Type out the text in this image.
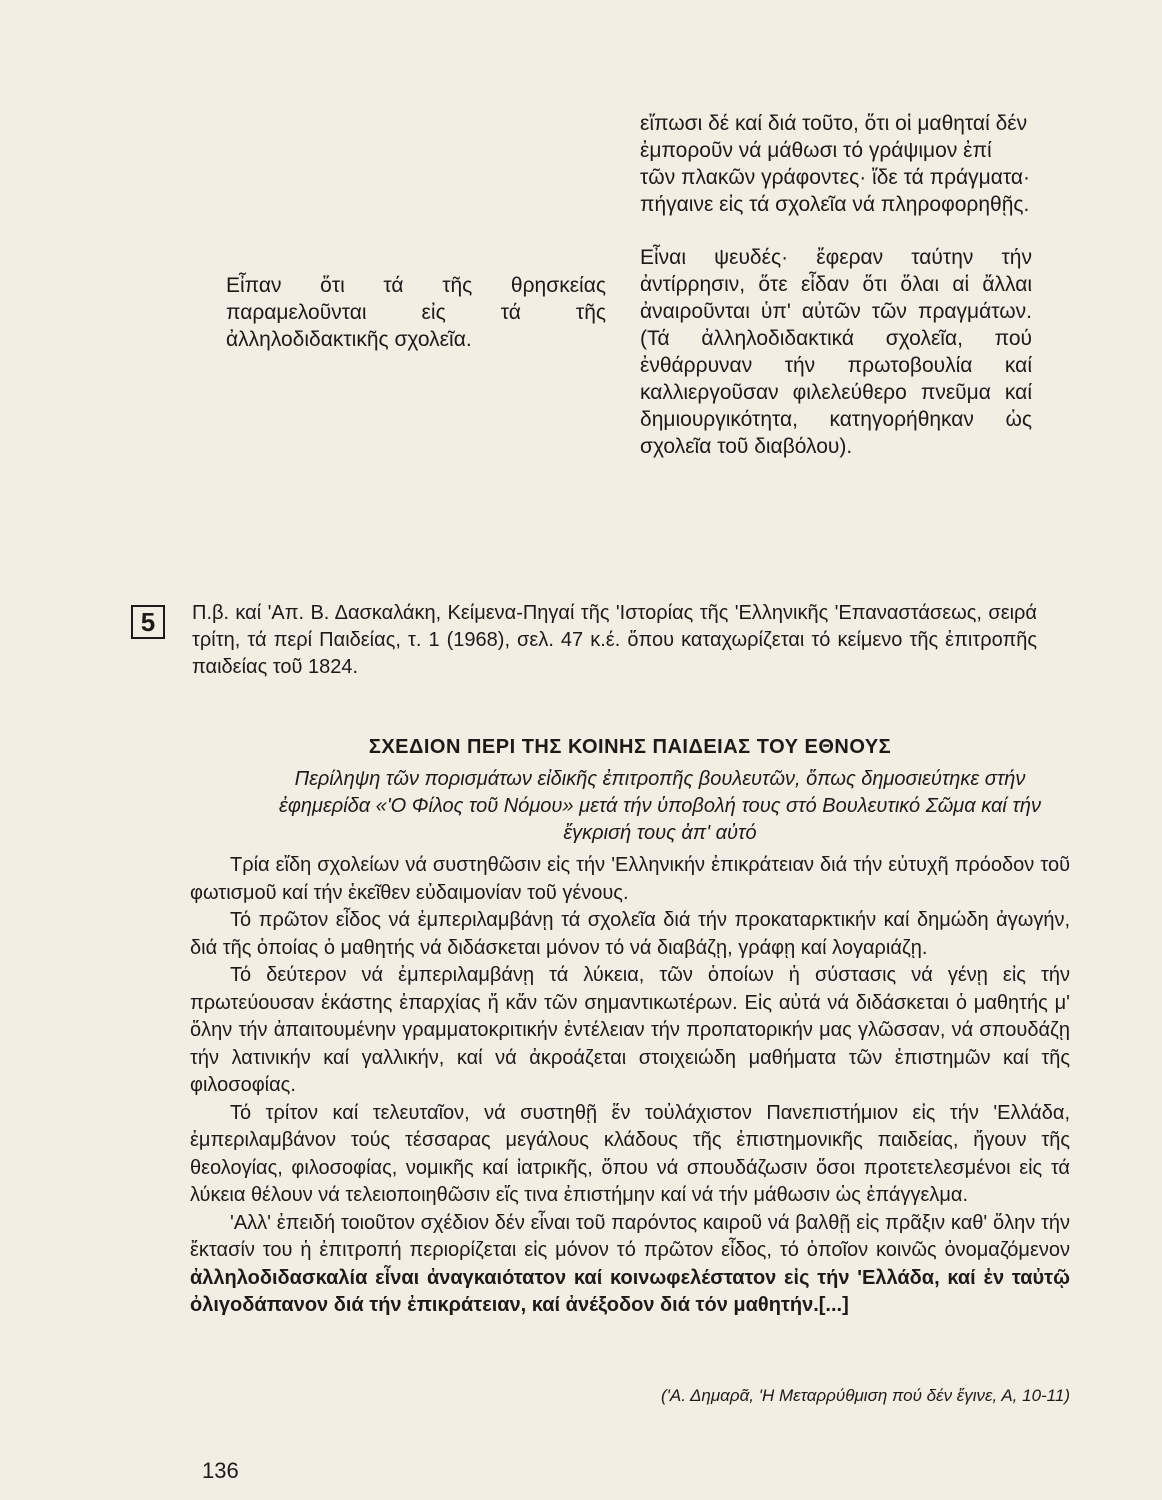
Εἶπαν ὅτι τά τῆς θρησκείας παραμελοῦνται εἰς τά τῆς ἀλληλοδιδακτικῆς σχολεῖα.

εἴπωσι δέ καί διά τοῦτο, ὅτι οἱ μαθηταί δέν ἐμποροῦν νά μάθωσι τό γράψιμον ἐπί τῶν πλακῶν γράφοντες· ἴδε τά πράγματα· πήγαινε εἰς τά σχολεῖα νά πληροφορηθῇς.

Εἶναι ψευδές· ἔφεραν ταύτην τήν ἀντίρρησιν, ὅτε εἶδαν ὅτι ὅλαι αἱ ἄλλαι ἀναιροῦνται ὑπ' αὐτῶν τῶν πραγμάτων. (Τά ἀλληλοδιδακτικά σχολεῖα, πού ἐνθάρρυναν τήν πρωτοβουλία καί καλλιεργοῦσαν φιλελεύθερο πνεῦμα καί δημιουργικότητα, κατηγορήθηκαν ὡς σχολεῖα τοῦ διαβόλου).

5	Π.β. καί 'Απ. Β. Δασκαλάκη, Κείμενα-Πηγαί τῆς 'Ιστορίας τῆς 'Ελληνικῆς 'Επαναστάσεως, σειρά τρίτη, τά περί Παιδείας, τ. 1 (1968), σελ. 47 κ.έ. ὅπου καταχωρίζεται τό κείμενο τῆς ἐπιτροπῆς παιδείας τοῦ 1824.
ΣΧΕΔΙΟΝ ΠΕΡΙ ΤΗΣ ΚΟΙΝΗΣ ΠΑΙΔΕΙΑΣ ΤΟΥ ΕΘΝΟΥΣ
Περίληψη τῶν πορισμάτων εἰδικῆς ἐπιτροπῆς βουλευτῶν, ὅπως δημοσιεύτηκε στήν ἐφημερίδα «'Ο Φίλος τοῦ Νόμου» μετά τήν ὑποβολή τους στό Βουλευτικό Σῶμα καί τήν ἔγκρισή τους ἀπ' αὐτό

Τρία εἴδη σχολείων νά συστηθῶσιν εἰς τήν 'Ελληνικήν ἐπικράτειαν διά τήν εὐτυχῆ πρόοδον τοῦ φωτισμοῦ καί τήν ἐκεῖθεν εὐδαιμονίαν τοῦ γένους.

Τό πρῶτον εἶδος νά ἐμπεριλαμβάνῃ τά σχολεῖα διά τήν προκαταρκτικήν καί δημώδη ἀγωγήν, διά τῆς ὁποίας ὁ μαθητής νά διδάσκεται μόνον τό νά διαβάζῃ, γράφῃ καί λογαριάζῃ.

Τό δεύτερον νά ἐμπεριλαμβάνῃ τά λύκεια, τῶν ὁποίων ἡ σύστασις νά γένῃ εἰς τήν πρωτεύουσαν ἑκάστης ἐπαρχίας ἤ κἄν τῶν σημαντικωτέρων. Εἰς αὐτά νά διδάσκεται ὁ μαθητής μ' ὅλην τήν ἀπαιτουμένην γραμματοκριτικήν ἐντέλειαν τήν προπατορικήν μας γλῶσσαν, νά σπουδάζῃ τήν λατινικήν καί γαλλικήν, καί νά ἀκροάζεται στοιχειώδη μαθήματα τῶν ἐπιστημῶν καί τῆς φιλοσοφίας.

Τό τρίτον καί τελευταῖον, νά συστηθῇ ἕν τοὐλάχιστον Πανεπιστήμιον εἰς τήν 'Ελλάδα, ἐμπεριλαμβάνον τούς τέσσαρας μεγάλους κλάδους τῆς ἐπιστημονικῆς παιδείας, ἤγουν τῆς θεολογίας, φιλοσοφίας, νομικῆς καί ἰατρικῆς, ὅπου νά σπουδάζωσιν ὅσοι προτετελεσμένοι εἰς τά λύκεια θέλουν νά τελειοποιηθῶσιν εἴς τινα ἐπιστήμην καί νά τήν μάθωσιν ὡς ἐπάγγελμα.

'Αλλ' ἐπειδή τοιοῦτον σχέδιον δέν εἶναι τοῦ παρόντος καιροῦ νά βαλθῇ εἰς πρᾶξιν καθ' ὅλην τήν ἔκτασίν του ἡ ἐπιτροπή περιορίζεται εἰς μόνον τό πρῶτον εἶδος, τό ὁποῖον κοινῶς ὀνομαζόμενον ἀλληλοδιδασκαλία εἶναι ἀναγκαιότατον καί κοινωφελέστατον εἰς τήν 'Ελλάδα, καί ἐν ταὐτῷ ὀλιγοδάπανον διά τήν ἐπικράτειαν, καί ἀνέξοδον διά τόν μαθητήν.[...]

('Α. Δημαρᾶ, 'Η Μεταρρύθμιση πού δέν ἔγινε, Α, 10-11)
136
